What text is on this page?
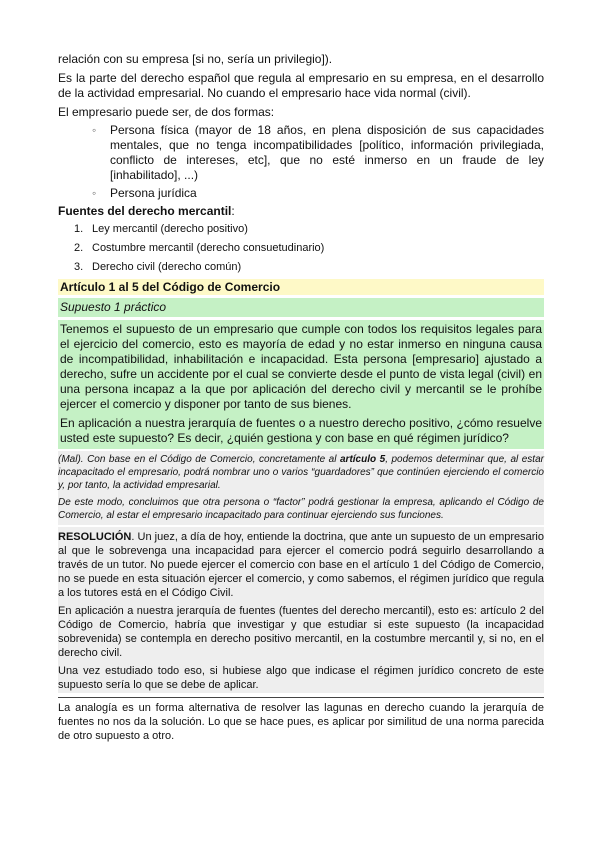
relación con su empresa [si no, sería un privilegio]).

Es la parte del derecho español que regula al empresario en su empresa, en el desarrollo de la actividad empresarial. No cuando el empresario hace vida normal (civil).

El empresario puede ser, de dos formas:

◦ Persona física (mayor de 18 años, en plena disposición de sus capacidades mentales, que no tenga incompatibilidades [político, información privilegiada, conflicto de intereses, etc], que no esté inmerso en un fraude de ley [inhabilitado], ...)
◦ Persona jurídica

Fuentes del derecho mercantil:

1. Ley mercantil (derecho positivo)
2. Costumbre mercantil (derecho consuetudinario)
3. Derecho civil (derecho común)
Artículo 1 al 5 del Código de Comercio
Supuesto 1 práctico

Tenemos el supuesto de un empresario que cumple con todos los requisitos legales para el ejercicio del comercio, esto es mayoría de edad y no estar inmerso en ninguna causa de incompatibilidad, inhabilitación e incapacidad. Esta persona [empresario] ajustado a derecho, sufre un accidente por el cual se convierte desde el punto de vista legal (civil) en una persona incapaz a la que por aplicación del derecho civil y mercantil se le prohíbe ejercer el comercio y disponer por tanto de sus bienes.

En aplicación a nuestra jerarquía de fuentes o a nuestro derecho positivo, ¿cómo resuelve usted este supuesto? Es decir, ¿quién gestiona y con base en qué régimen jurídico?

(Mal). Con base en el Código de Comercio, concretamente al artículo 5, podemos determinar que, al estar incapacitado el empresario, podrá nombrar uno o varios “guardadores” que continúen ejerciendo el comercio y, por tanto, la actividad empresarial.

De este modo, concluimos que otra persona o “factor” podrá gestionar la empresa, aplicando el Código de Comercio, al estar el empresario incapacitado para continuar ejerciendo sus funciones.

RESOLUCIÓN. Un juez, a día de hoy, entiende la doctrina, que ante un supuesto de un empresario al que le sobrevenga una incapacidad para ejercer el comercio podrá seguirlo desarrollando a través de un tutor. No puede ejercer el comercio con base en el artículo 1 del Código de Comercio, no se puede en esta situación ejercer el comercio, y como sabemos, el régimen jurídico que regula a los tutores está en el Código Civil.

En aplicación a nuestra jerarquía de fuentes (fuentes del derecho mercantil), esto es: artículo 2 del Código de Comercio, habría que investigar y que estudiar si este supuesto (la incapacidad sobrevenida) se contempla en derecho positivo mercantil, en la costumbre mercantil y, si no, en el derecho civil.

Una vez estudiado todo eso, si hubiese algo que indicase el régimen jurídico concreto de este supuesto sería lo que se debe de aplicar.

La analogía es un forma alternativa de resolver las lagunas en derecho cuando la jerarquía de fuentes no nos da la solución. Lo que se hace pues, es aplicar por similitud de una norma parecida de otro supuesto a otro.
